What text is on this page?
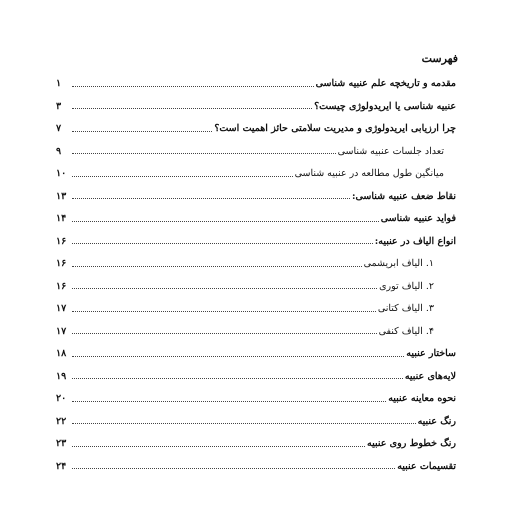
فهرست
مقدمه و تاریخچه علم عنبیه شناسی
۱
عنبیه شناسی یا ایریدولوژی چیست؟
۳
چرا ارزیابی ایریدولوژی و مدیریت سلامتی حائز اهمیت است؟
۷
تعداد جلسات عنبیه شناسی
۹
میانگین طول مطالعه در عنبیه شناسی
۱۰
نقاط ضعف عنبیه شناسی:
۱۳
فواید عنبیه شناسی
۱۴
انواع الیاف در عنبیه:
۱۶
۱. الیاف ابریشمی
۱۶
۲. الیاف توری
۱۶
۳. الیاف کتانی
۱۷
۴. الیاف کنفی
۱۷
ساختار عنبیه
۱۸
لایه‌های عنبیه
۱۹
نحوه معاینه عنبیه
۲۰
رنگ عنبیه
۲۲
رنگ خطوط روی عنبیه
۲۳
تقسیمات عنبیه
۲۴
